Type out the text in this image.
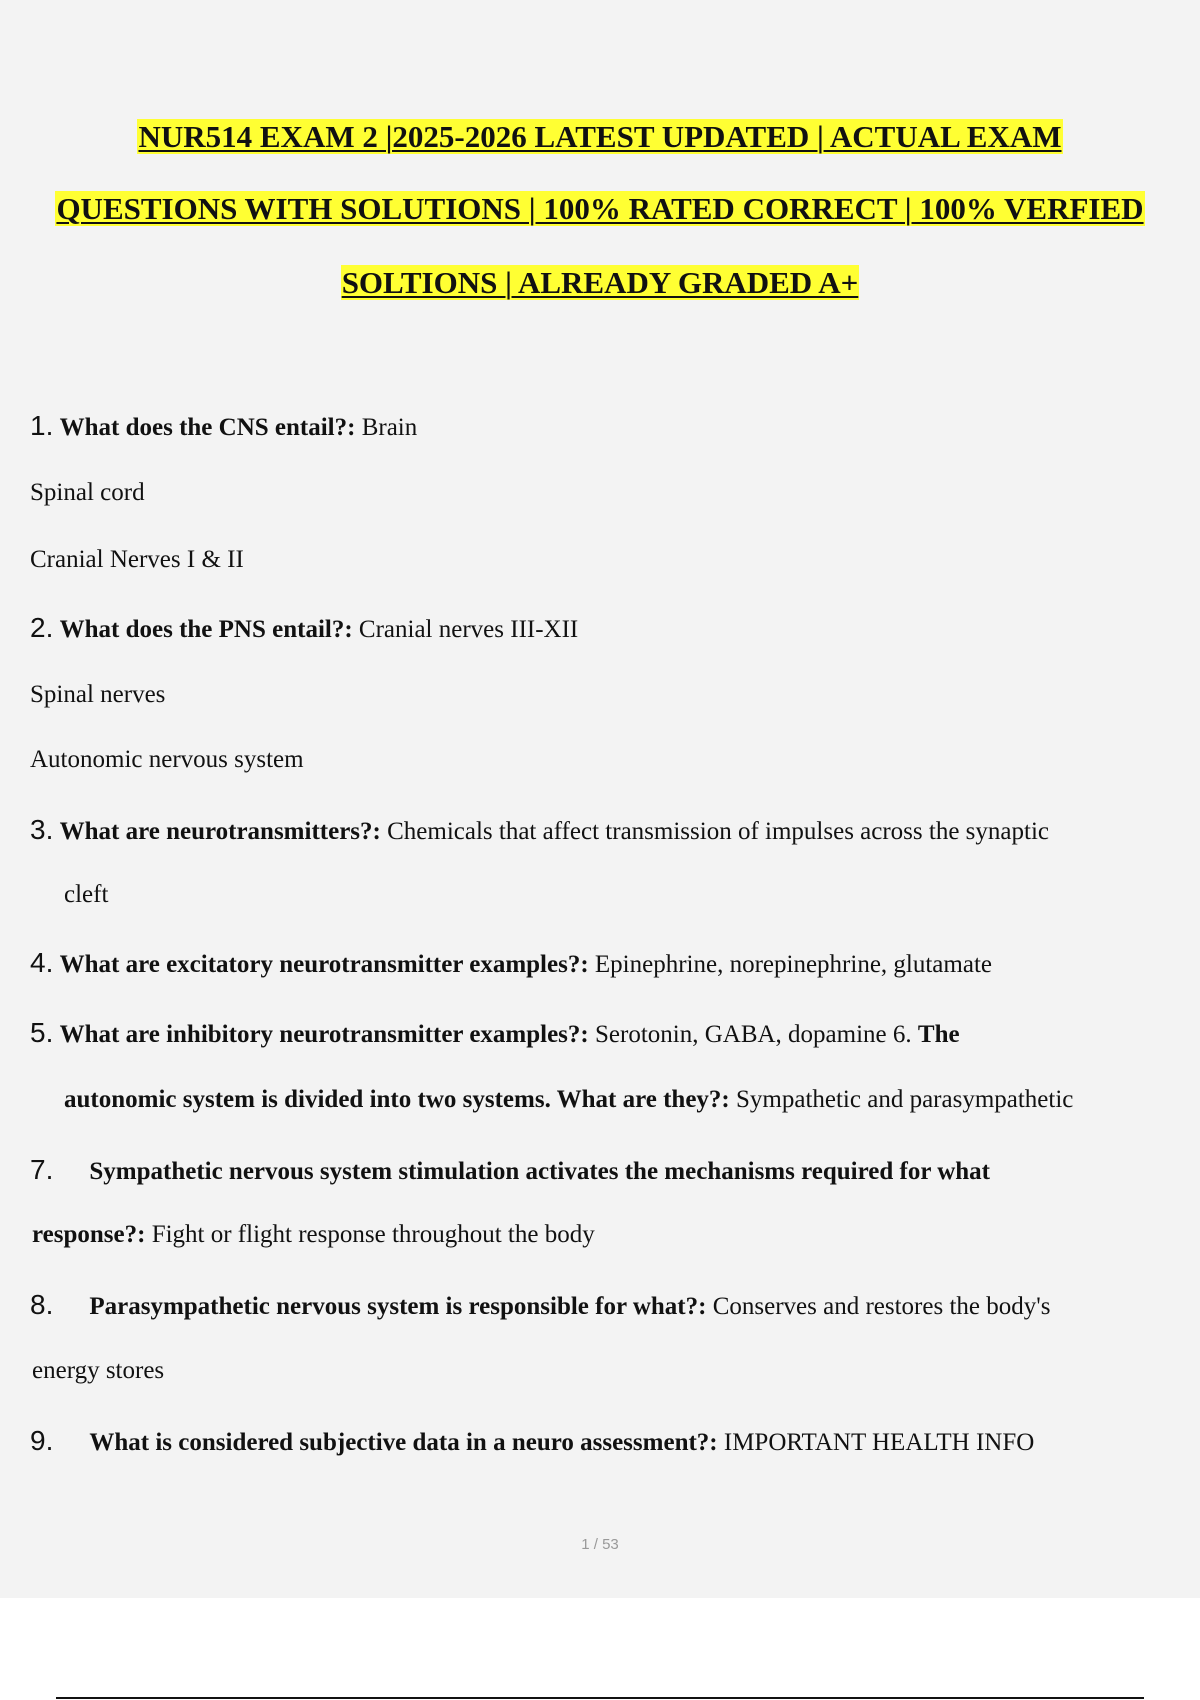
NUR514 EXAM 2 |2025-2026 LATEST UPDATED | ACTUAL EXAM
QUESTIONS WITH SOLUTIONS | 100% RATED CORRECT | 100% VERFIED
SOLTIONS | ALREADY GRADED A+
1. What does the CNS entail?: Brain
Spinal cord
Cranial Nerves I & II
2. What does the PNS entail?: Cranial nerves III-XII
Spinal nerves
Autonomic nervous system
3. What are neurotransmitters?: Chemicals that affect transmission of impulses across the synaptic
cleft
4. What are excitatory neurotransmitter examples?: Epinephrine, norepinephrine, glutamate
5. What are inhibitory neurotransmitter examples?: Serotonin, GABA, dopamine 6. The
autonomic system is divided into two systems. What are they?: Sympathetic and parasympathetic
7. Sympathetic nervous system stimulation activates the mechanisms required for what
response?: Fight or flight response throughout the body
8. Parasympathetic nervous system is responsible for what?: Conserves and restores the body's
energy stores
9. What is considered subjective data in a neuro assessment?: IMPORTANT HEALTH INFO
1 / 53
